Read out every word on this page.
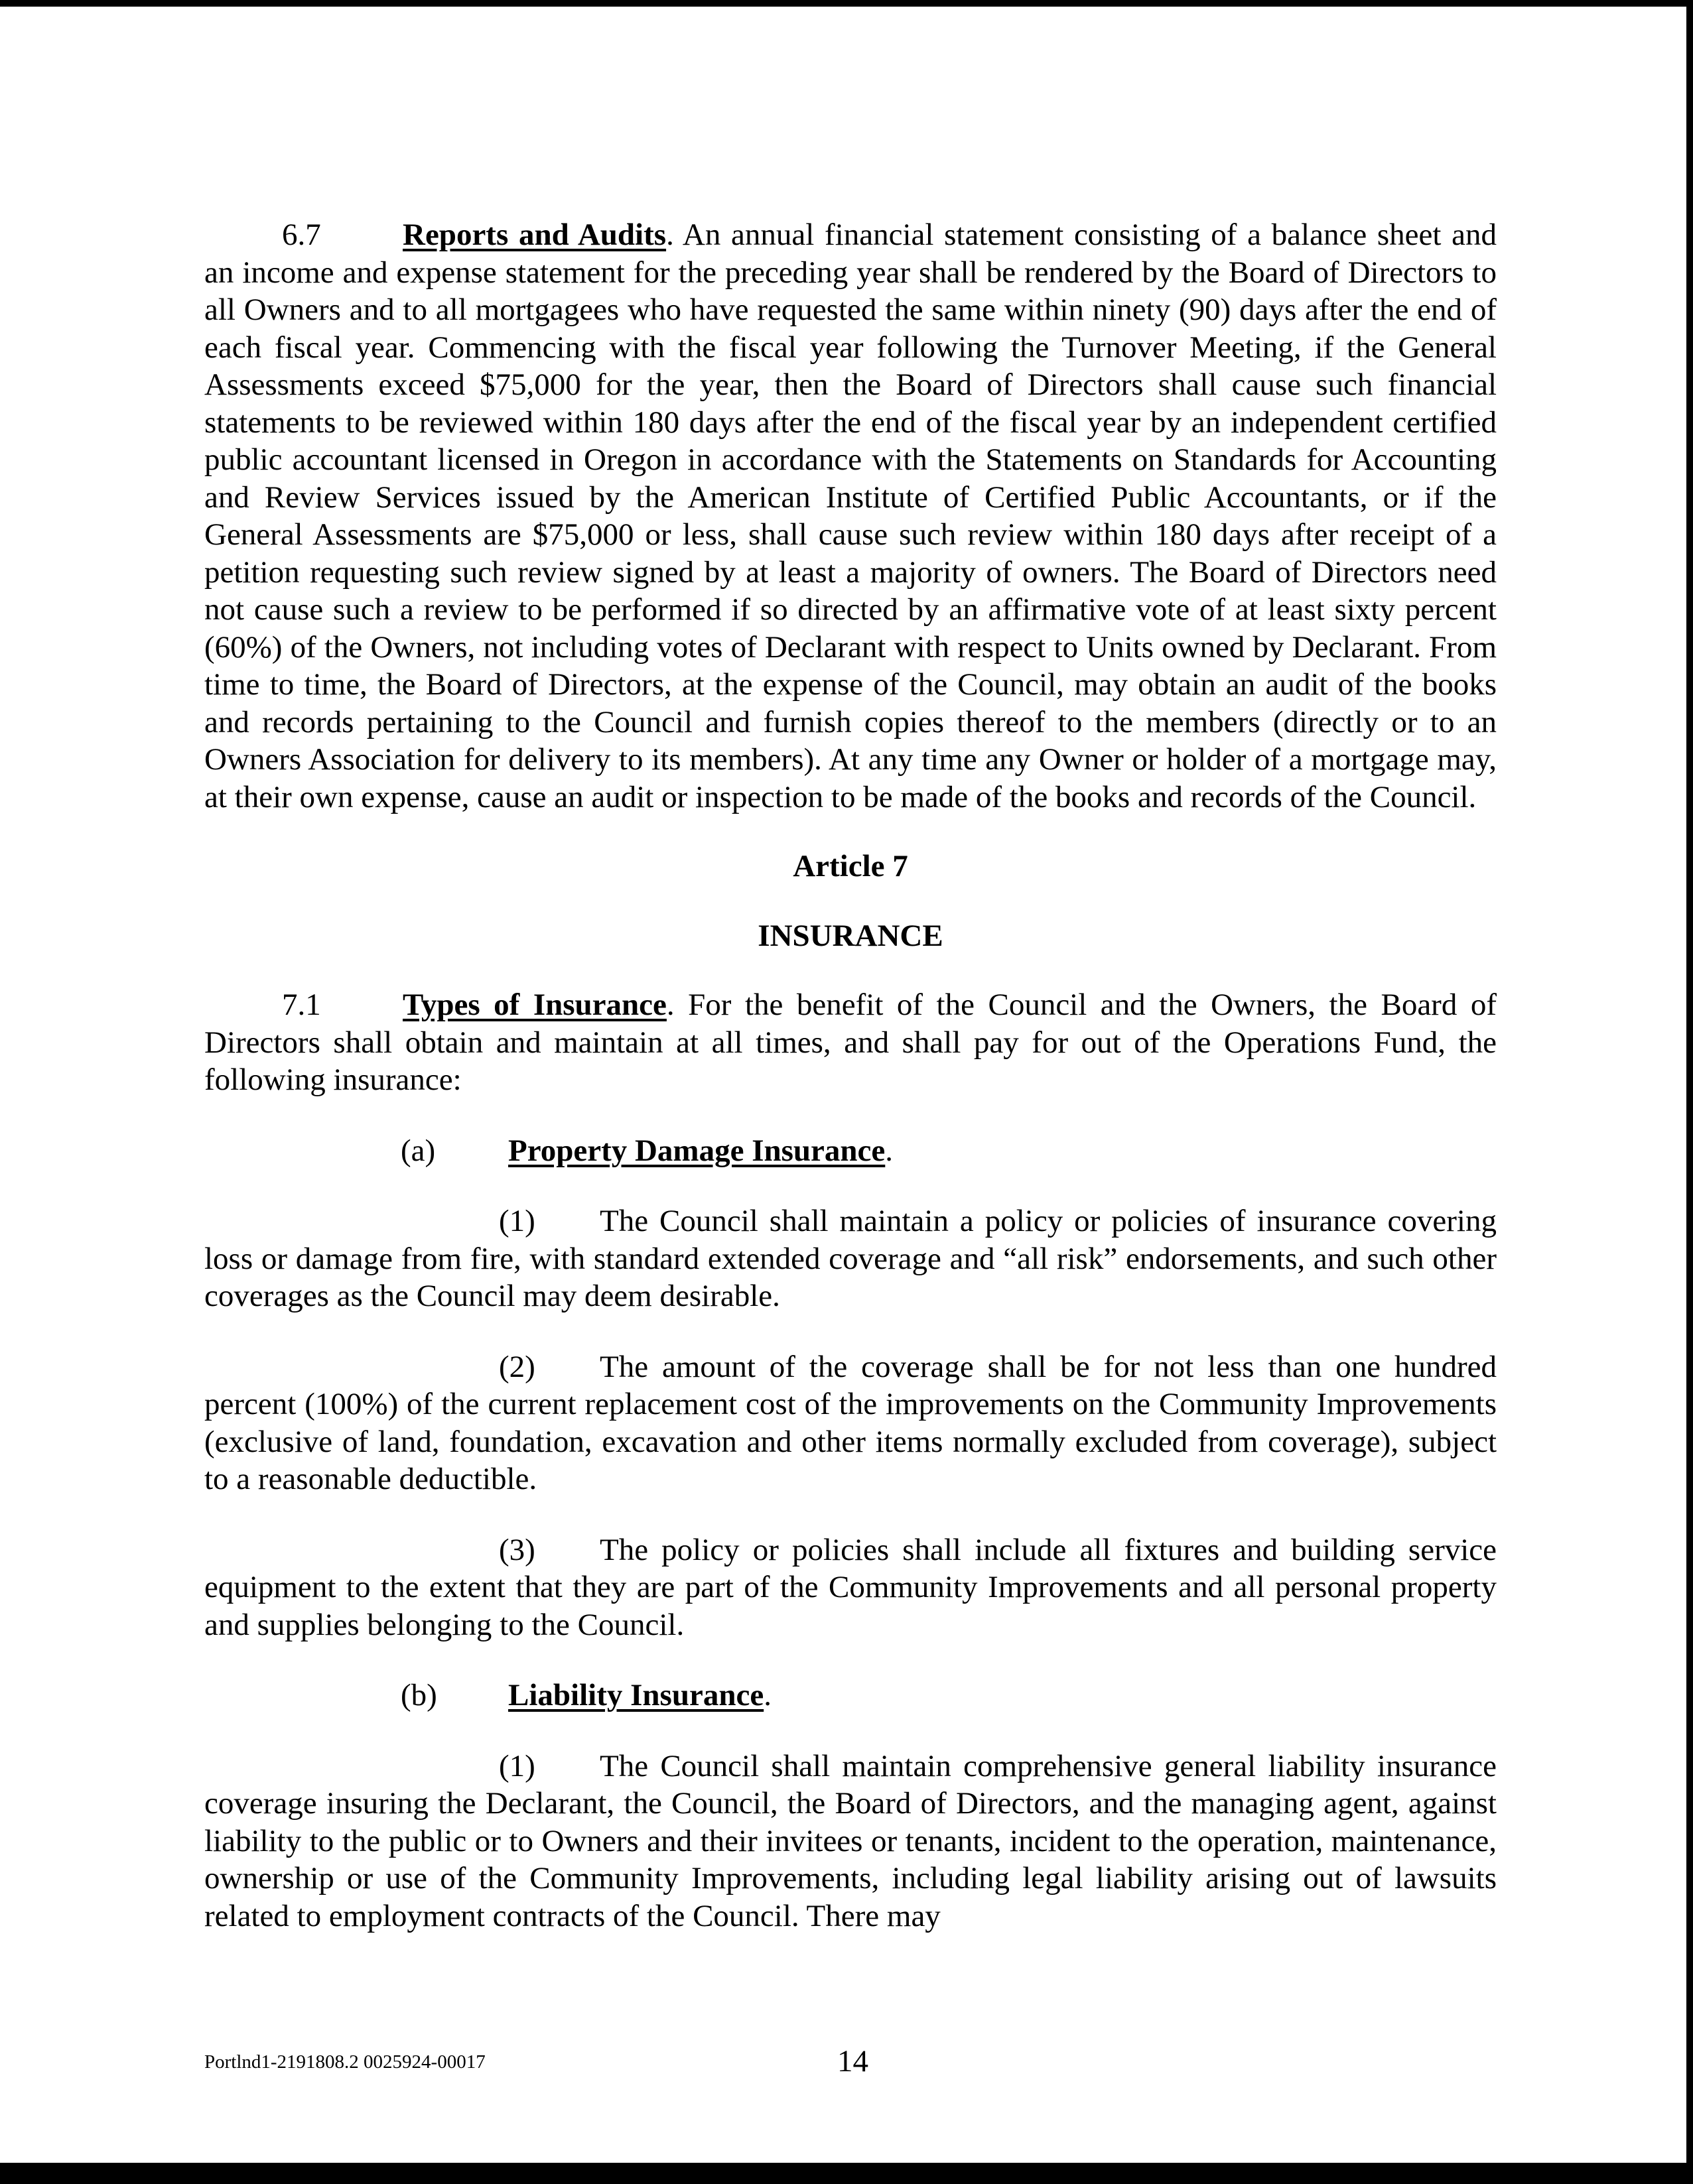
6.7	Reports and Audits. An annual financial statement consisting of a balance sheet and an income and expense statement for the preceding year shall be rendered by the Board of Directors to all Owners and to all mortgagees who have requested the same within ninety (90) days after the end of each fiscal year. Commencing with the fiscal year following the Turnover Meeting, if the General Assessments exceed $75,000 for the year, then the Board of Directors shall cause such financial statements to be reviewed within 180 days after the end of the fiscal year by an independent certified public accountant licensed in Oregon in accordance with the Statements on Standards for Accounting and Review Services issued by the American Institute of Certified Public Accountants, or if the General Assessments are $75,000 or less, shall cause such review within 180 days after receipt of a petition requesting such review signed by at least a majority of owners. The Board of Directors need not cause such a review to be performed if so directed by an affirmative vote of at least sixty percent (60%) of the Owners, not including votes of Declarant with respect to Units owned by Declarant. From time to time, the Board of Directors, at the expense of the Council, may obtain an audit of the books and records pertaining to the Council and furnish copies thereof to the members (directly or to an Owners Association for delivery to its members). At any time any Owner or holder of a mortgage may, at their own expense, cause an audit or inspection to be made of the books and records of the Council.

Article 7

INSURANCE

7.1	Types of Insurance. For the benefit of the Council and the Owners, the Board of Directors shall obtain and maintain at all times, and shall pay for out of the Operations Fund, the following insurance:

(a) Property Damage Insurance.

(1) The Council shall maintain a policy or policies of insurance covering loss or damage from fire, with standard extended coverage and “all risk” endorsements, and such other coverages as the Council may deem desirable.

(2) The amount of the coverage shall be for not less than one hundred percent (100%) of the current replacement cost of the improvements on the Community Improvements (exclusive of land, foundation, excavation and other items normally excluded from coverage), subject to a reasonable deductible.

(3) The policy or policies shall include all fixtures and building service equipment to the extent that they are part of the Community Improvements and all personal property and supplies belonging to the Council.

(b) Liability Insurance.

(1) The Council shall maintain comprehensive general liability insurance coverage insuring the Declarant, the Council, the Board of Directors, and the managing agent, against liability to the public or to Owners and their invitees or tenants, incident to the operation, maintenance, ownership or use of the Community Improvements, including legal liability arising out of lawsuits related to employment contracts of the Council. There may

Portlnd1-2191808.2 0025924-00017	14
